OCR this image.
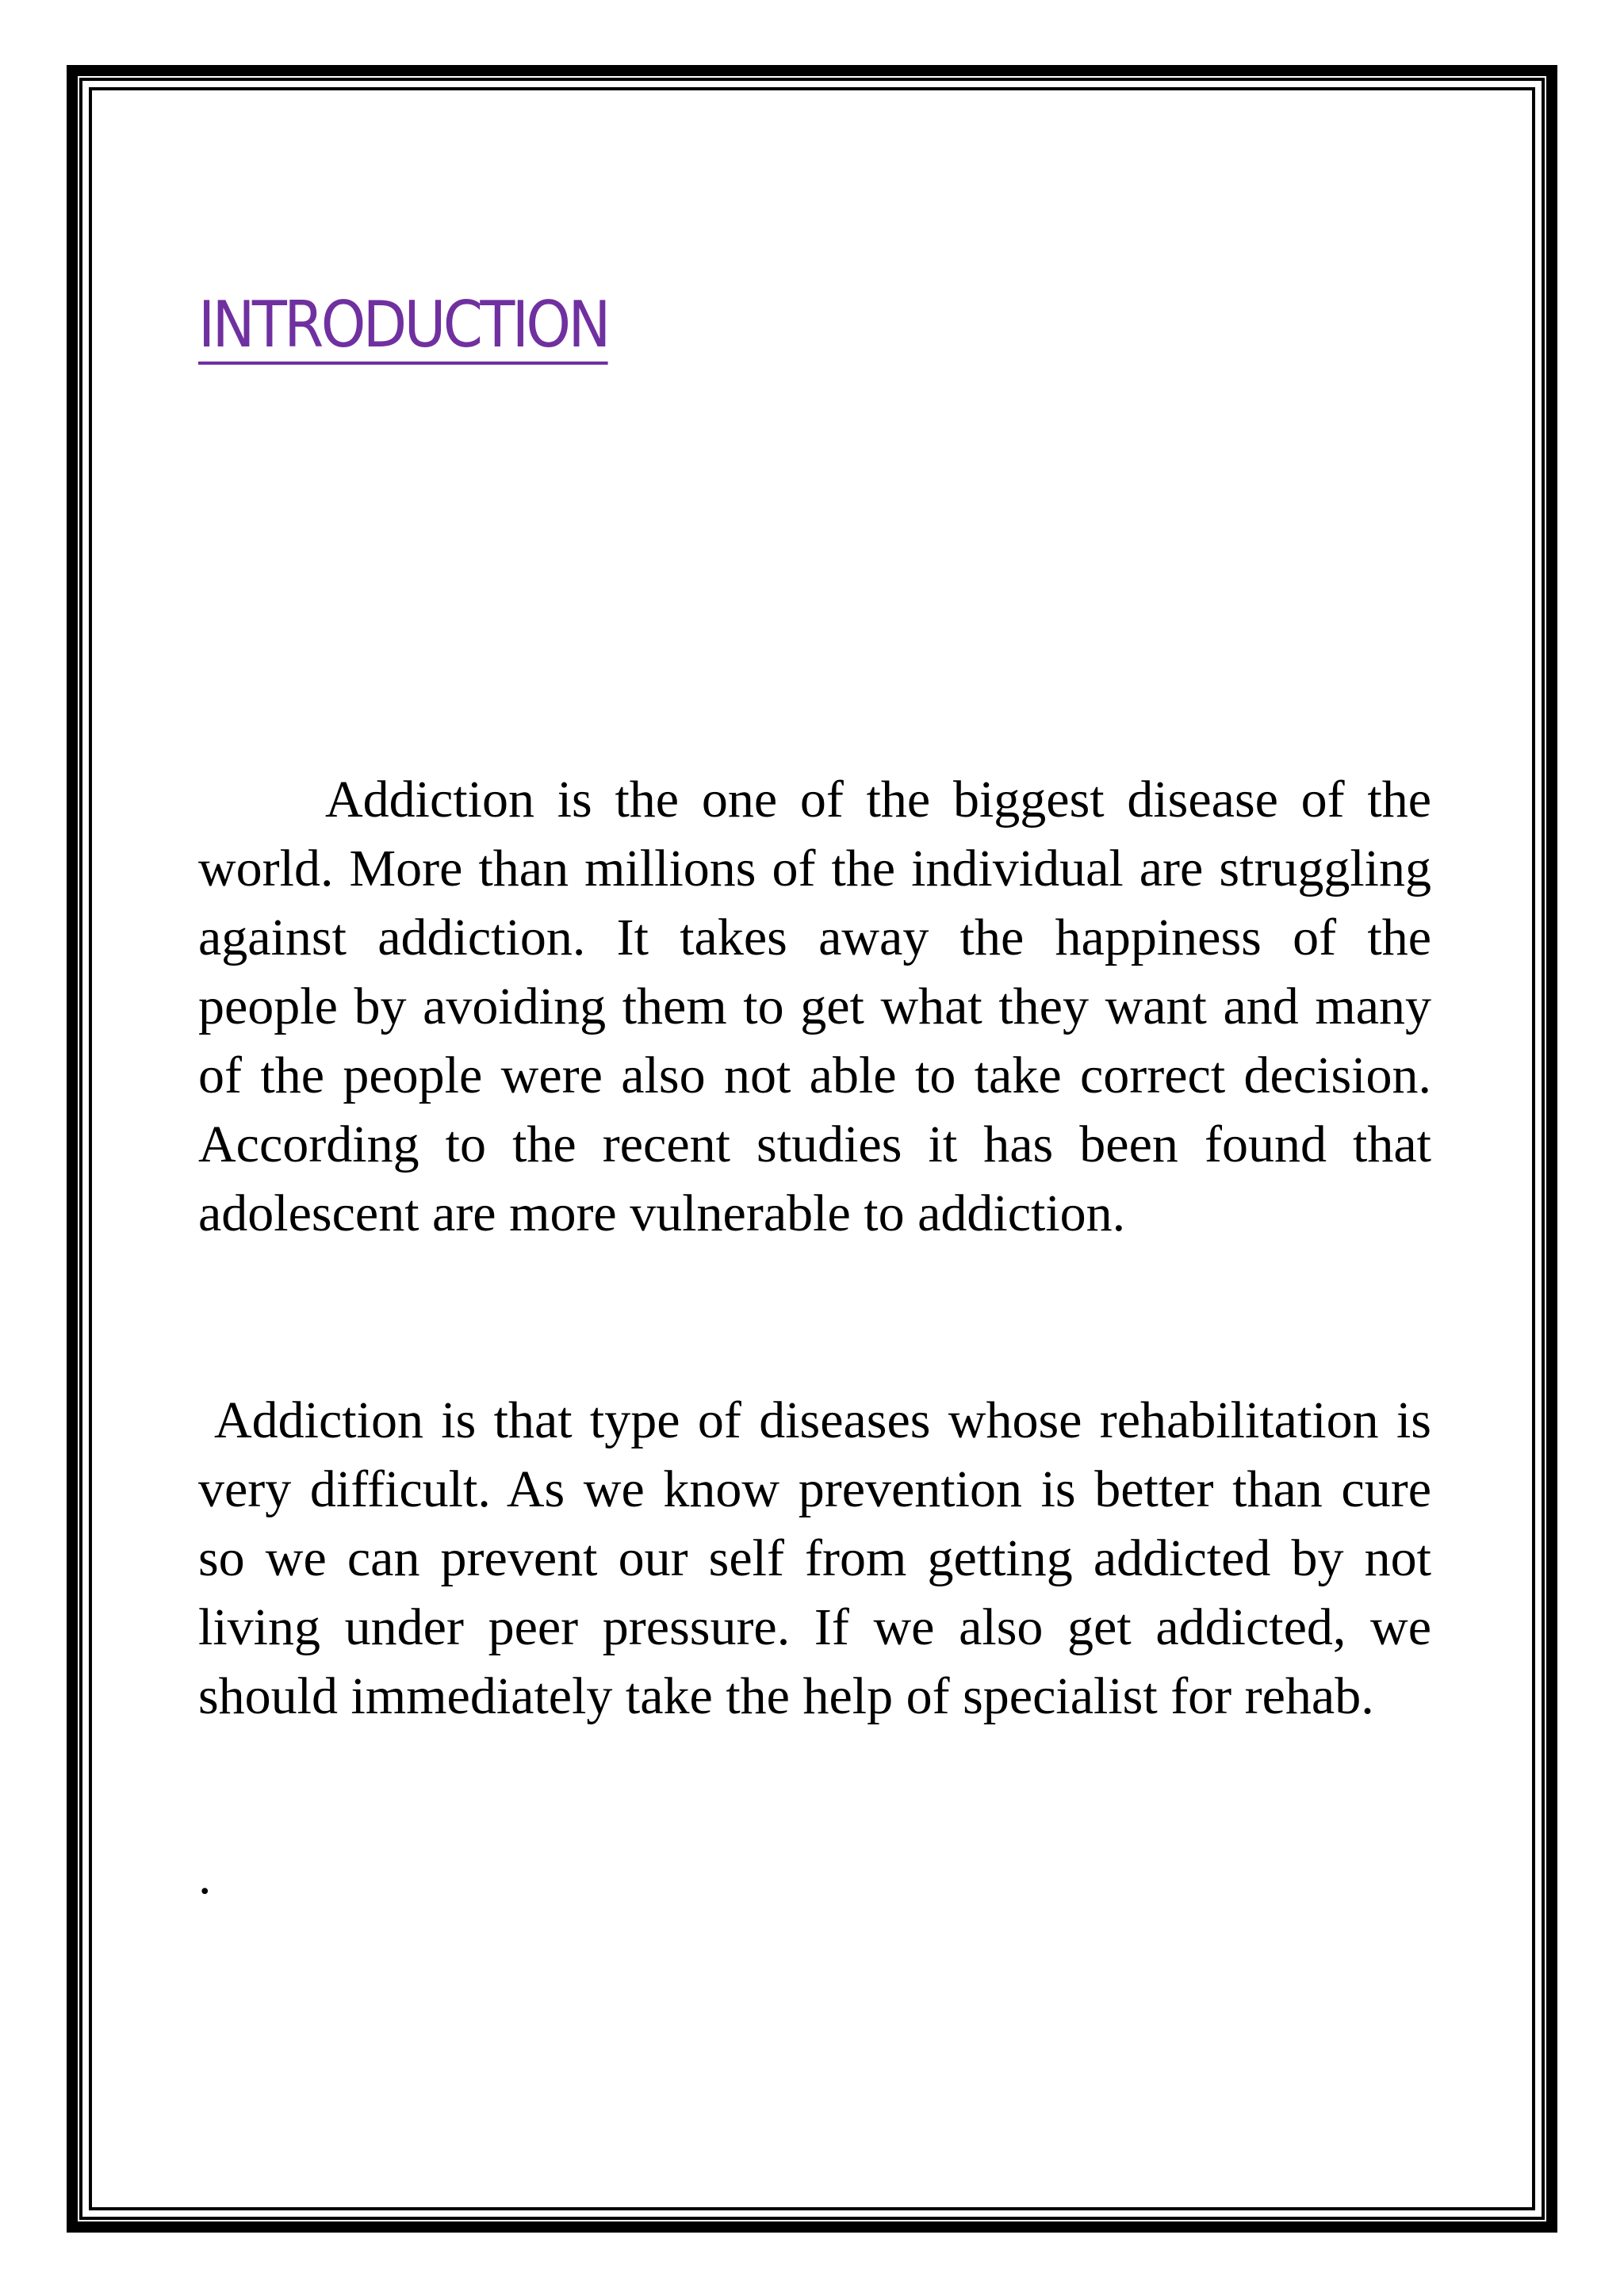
INTRODUCTION

Addiction is the one of the biggest disease of the world. More than millions of the individual are struggling against addiction. It takes away the happiness of the people by avoiding them to get what they want and many of the people were also not able to take correct decision. According to the recent studies it has been found that adolescent are more vulnerable to addiction.

Addiction is that type of diseases whose rehabilitation is very difficult. As we know prevention is better than cure so we can prevent our self from getting addicted by not living under peer pressure. If we also get addicted, we should immediately take the help of specialist for rehab.

.
